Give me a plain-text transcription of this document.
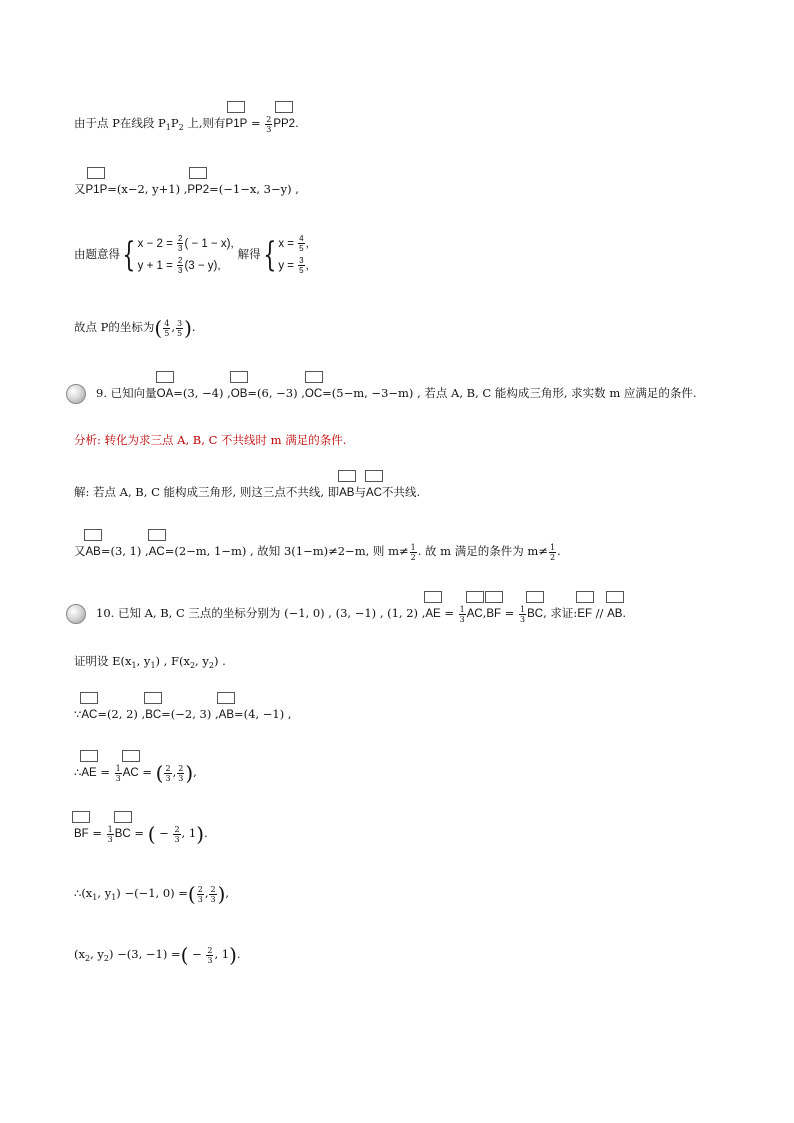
由于点 P在线段 $P_1P_2$ 上,则有$P1P = \frac{2}{3} PP2$.
又P1P=(x−2, y+1) ,PP2=(−1−x, 3−y) ,
由题意得{ $x - 2 = \frac{2}{3}$ ( − 1 − x),
$y + 1 = \frac{2}{3} (3 - y)$,
解得{ $x = \frac{4}{5}$ ,
$y = \frac{3}{5}$ ,
故点 P的坐标为( $\frac{4}{5}$ , $\frac{3}{5}$ ).
9. 已知向量OA=(3, −4) ,OB=(6, −3) ,OC=(5−m, −3−m) , 若点 A, B, C 能构成三角形, 求实数 m 应满足的条件.
分析: 转化为求三点 A, B, C 不共线时 m 满足的条件.
解: 若点 A, B, C 能构成三角形, 则这三点不共线, 即AB与AC不共线.
又AB=(3, 1) ,AC=(2−m, 1−m) , 故知 3(1−m)≠2−m, 则 $m\ne \frac{1}{2}$ . 故 m 满足的条件为 $m\ne \frac{1}{2}$ .
10. 已知 A, B, C 三点的坐标分别为 (−1, 0) , (3, −1) , (1, 2) $,AE = \frac{1}{3} AC,BF = \frac{1}{3}$ BC, 求证:EF // AB.
证明设 $E(x_1$, $y_1$) , $F(x_2$, $y_2$) .
∵AC=(2, 2) ,BC=(−2, 3) ,AB=(4, −1) ,
∴AE = $\frac{1}{3}$ AC = ( $\frac{2}{3}$ , $\frac{2}{3}$ ),
BF = $\frac{1}{3}$ BC = ( − $\frac{2}{3}$ , 1).
$\therefore(x_1$, $y_1) -(-1$, 0) =( $\frac{2}{3}$ , $\frac{2}{3}$ ),
($x_2$, $y_2) -(3$, −1) =( − $\frac{2}{3}$ , 1).
